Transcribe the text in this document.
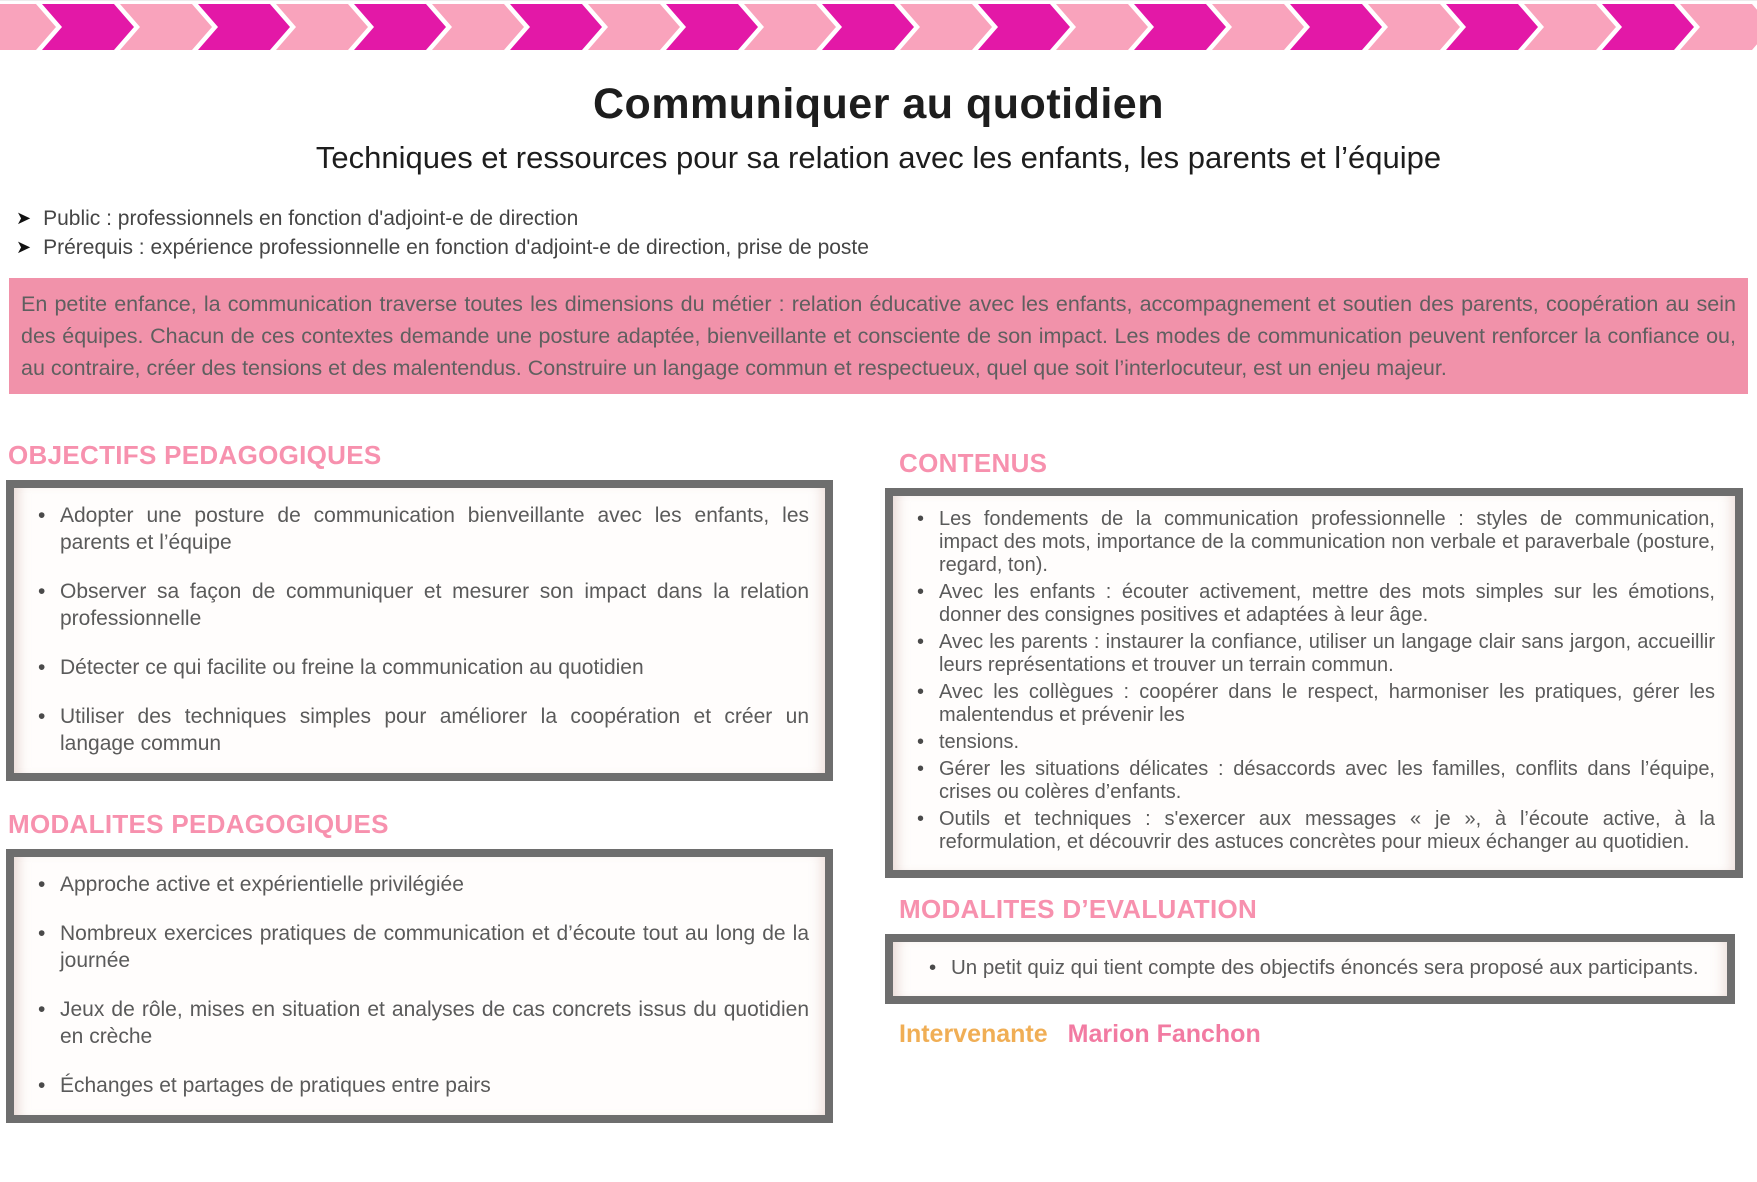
Communiquer au quotidien
Techniques et ressources pour sa relation avec les enfants, les parents et l’équipe
➤ Public : professionnels en fonction d'adjoint-e de direction
➤ Prérequis : expérience professionnelle en fonction d'adjoint-e de direction, prise de poste

En petite enfance, la communication traverse toutes les dimensions du métier : relation éducative avec les enfants, accompagnement et soutien des parents, coopération au sein des équipes. Chacun de ces contextes demande une posture adaptée, bienveillante et consciente de son impact. Les modes de communication peuvent renforcer la confiance ou, au contraire, créer des tensions et des malentendus. Construire un langage commun et respectueux, quel que soit l’interlocuteur, est un enjeu majeur.

OBJECTIFS PEDAGOGIQUES
• Adopter une posture de communication bienveillante avec les enfants, les parents et l’équipe
• Observer sa façon de communiquer et mesurer son impact dans la relation professionnelle
• Détecter ce qui facilite ou freine la communication au quotidien
• Utiliser des techniques simples pour améliorer la coopération et créer un langage commun
MODALITES PEDAGOGIQUES
• Approche active et expérientielle privilégiée
• Nombreux exercices pratiques de communication et d’écoute tout au long de la journée
• Jeux de rôle, mises en situation et analyses de cas concrets issus du quotidien en crèche
• Échanges et partages de pratiques entre pairs
CONTENUS
• Les fondements de la communication professionnelle : styles de communication, impact des mots, importance de la communication non verbale et paraverbale (posture, regard, ton).
• Avec les enfants : écouter activement, mettre des mots simples sur les émotions, donner des consignes positives et adaptées à leur âge.
• Avec les parents : instaurer la confiance, utiliser un langage clair sans jargon, accueillir leurs représentations et trouver un terrain commun.
• Avec les collègues : coopérer dans le respect, harmoniser les pratiques, gérer les malentendus et prévenir les
• tensions.
• Gérer les situations délicates : désaccords avec les familles, conflits dans l’équipe, crises ou colères d’enfants.
• Outils et techniques : s'exercer aux messages « je », à l’écoute active, à la reformulation, et découvrir des astuces concrètes pour mieux échanger au quotidien.
MODALITES D’EVALUATION
• Un petit quiz qui tient compte des objectifs énoncés sera proposé aux participants.
Intervenante Marion Fanchon
